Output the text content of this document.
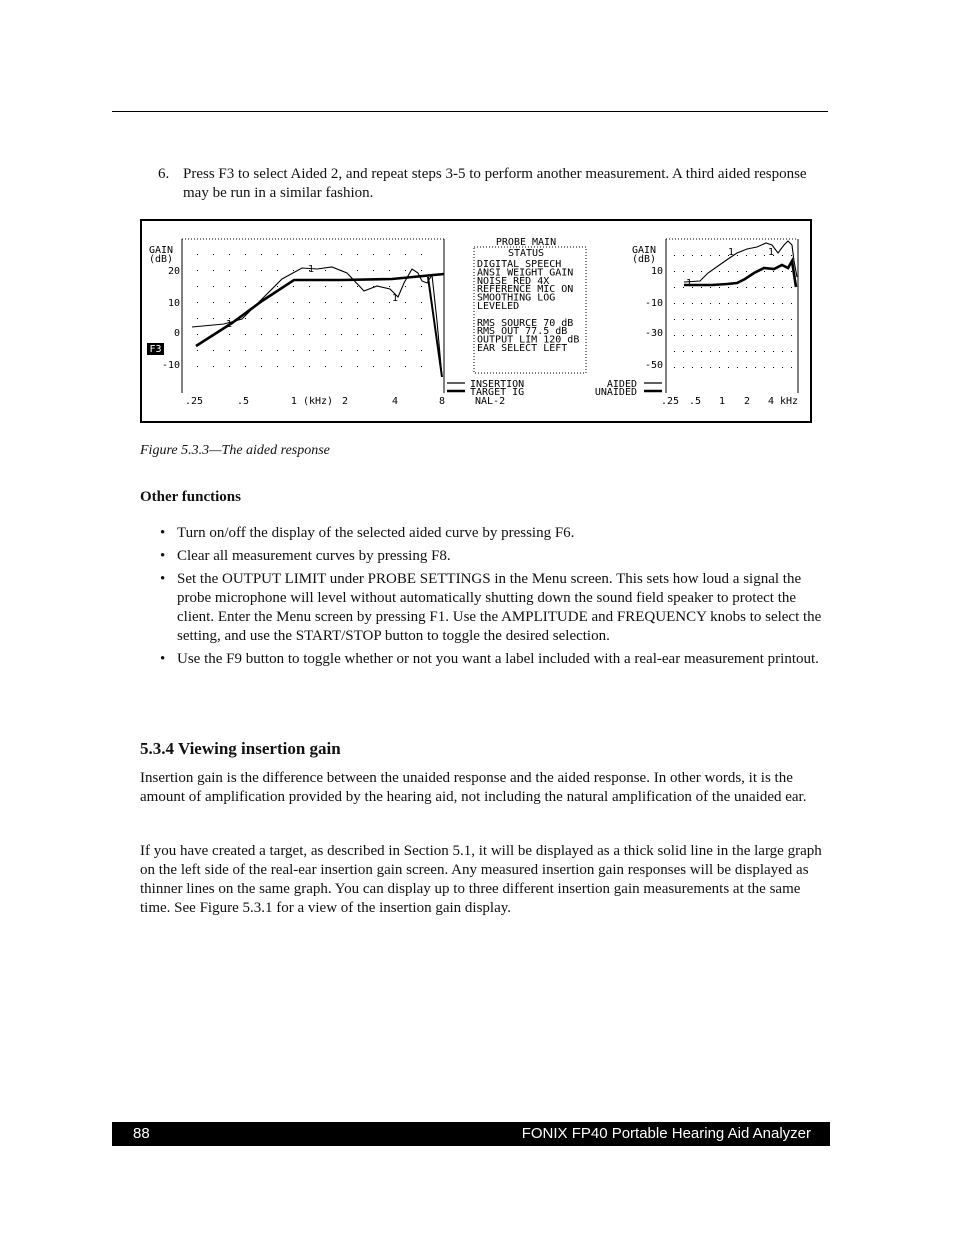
6. Press F3 to select Aided 2, and repeat steps 3-5 to perform another measurement. A third aided response may be run in a similar fashion.
GAIN
(dB)
20
10
0
-10
1
1
1
F3
.25	.5	1 (kHz) 2	4	8
PROBE MAIN
STATUS
DIGITAL SPEECH
ANSI WEIGHT GAIN
NOISE RED 4X
REFERENCE MIC ON
SMOOTHING LOG
LEVELED
RMS SOURCE 70 dB
RMS OUT 77.5 dB
OUTPUT LIM 120 dB
EAR SELECT LEFT
INSERTION
TARGET IG
NAL-2
AIDED
UNAIDED
GAIN
(dB)
10
-10
-30
-50
1
1	1
.25 .5 1 2 4 kHz
Figure 5.3.3—The aided response
Other functions
• Turn on/off the display of the selected aided curve by pressing F6.
• Clear all measurement curves by pressing F8.
• Set the OUTPUT LIMIT under PROBE SETTINGS in the Menu screen. This sets how loud a signal the probe microphone will level without automatically shutting down the sound field speaker to protect the client. Enter the Menu screen by pressing F1. Use the AMPLITUDE and FREQUENCY knobs to select the setting, and use the START/STOP button to toggle the desired selection.
• Use the F9 button to toggle whether or not you want a label included with a real-ear measurement printout.
5.3.4 Viewing insertion gain
Insertion gain is the difference between the unaided response and the aided response. In other words, it is the amount of amplification provided by the hearing aid, not including the natural amplification of the unaided ear.
If you have created a target, as described in Section 5.1, it will be displayed as a thick solid line in the large graph on the left side of the real-ear insertion gain screen. Any measured insertion gain responses will be displayed as thinner lines on the same graph. You can display up to three different insertion gain measurements at the same time. See Figure 5.3.1 for a view of the insertion gain display.
88	FONIX FP40 Portable Hearing Aid Analyzer
